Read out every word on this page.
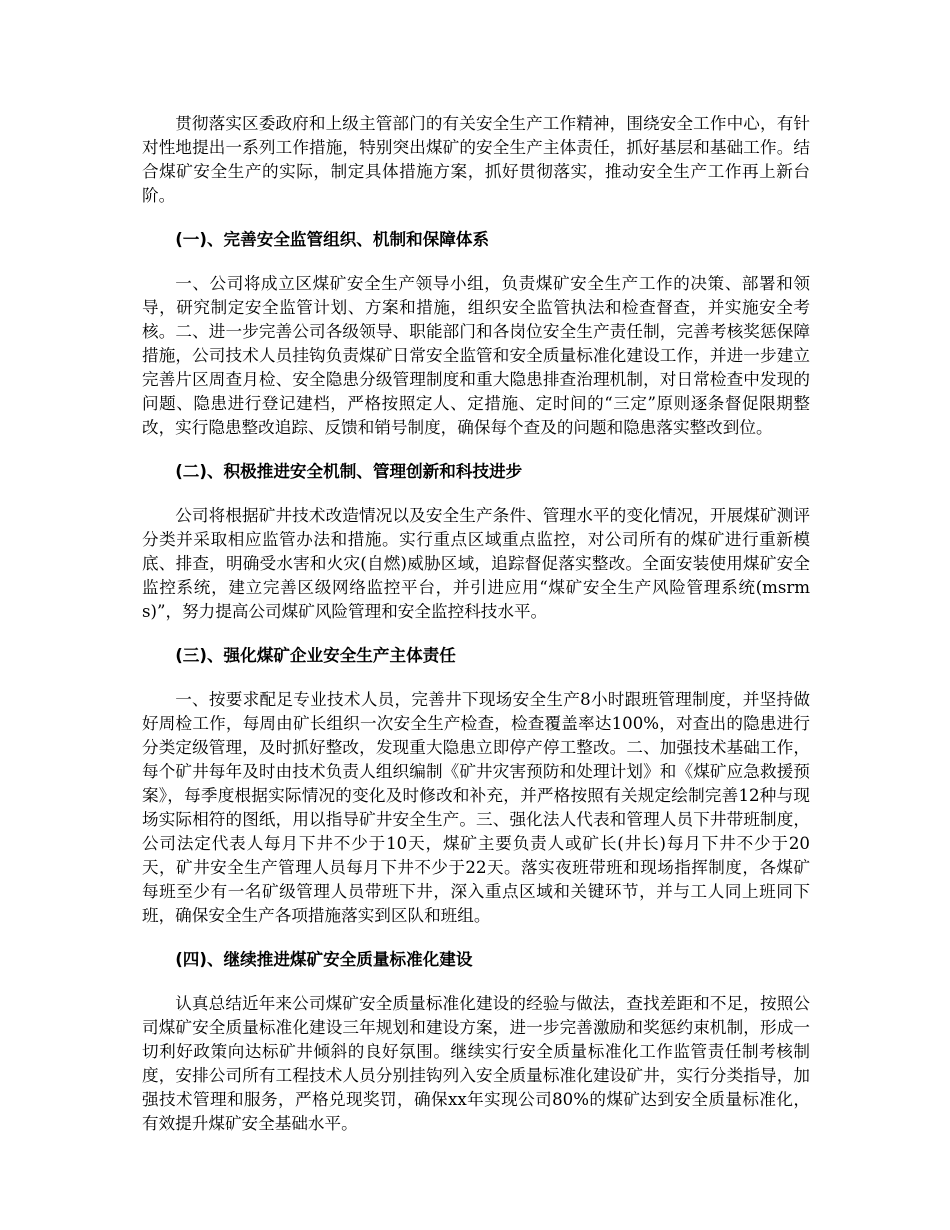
贯彻落实区委政府和上级主管部门的有关安全生产工作精神，围绕安全工作中心，有针对性地提出一系列工作措施，特别突出煤矿的安全生产主体责任，抓好基层和基础工作。结合煤矿安全生产的实际，制定具体措施方案，抓好贯彻落实，推动安全生产工作再上新台阶。

(一)、完善安全监管组织、机制和保障体系

一、公司将成立区煤矿安全生产领导小组，负责煤矿安全生产工作的决策、部署和领导，研究制定安全监管计划、方案和措施，组织安全监管执法和检查督查，并实施安全考核。二、进一步完善公司各级领导、职能部门和各岗位安全生产责任制，完善考核奖惩保障措施，公司技术人员挂钩负责煤矿日常安全监管和安全质量标准化建设工作，并进一步建立完善片区周查月检、安全隐患分级管理制度和重大隐患排查治理机制，对日常检查中发现的问题、隐患进行登记建档，严格按照定人、定措施、定时间的“三定”原则逐条督促限期整改，实行隐患整改追踪、反馈和销号制度，确保每个查及的问题和隐患落实整改到位。

(二)、积极推进安全机制、管理创新和科技进步

公司将根据矿井技术改造情况以及安全生产条件、管理水平的变化情况，开展煤矿测评分类并采取相应监管办法和措施。实行重点区域重点监控，对公司所有的煤矿进行重新模底、排查，明确受水害和火灾(自燃)威胁区域，追踪督促落实整改。全面安装使用煤矿安全监控系统，建立完善区级网络监控平台，并引进应用“煤矿安全生产风险管理系统(msrms)”，努力提高公司煤矿风险管理和安全监控科技水平。

(三)、强化煤矿企业安全生产主体责任

一、按要求配足专业技术人员，完善井下现场安全生产8小时跟班管理制度，并坚持做好周检工作，每周由矿长组织一次安全生产检查，检查覆盖率达100%，对查出的隐患进行分类定级管理，及时抓好整改，发现重大隐患立即停产停工整改。二、加强技术基础工作，每个矿井每年及时由技术负责人组织编制《矿井灾害预防和处理计划》和《煤矿应急救援预案》，每季度根据实际情况的变化及时修改和补充，并严格按照有关规定绘制完善12种与现场实际相符的图纸，用以指导矿井安全生产。三、强化法人代表和管理人员下井带班制度，公司法定代表人每月下井不少于10天，煤矿主要负责人或矿长(井长)每月下井不少于20天，矿井安全生产管理人员每月下井不少于22天。落实夜班带班和现场指挥制度，各煤矿每班至少有一名矿级管理人员带班下井，深入重点区域和关键环节，并与工人同上班同下班，确保安全生产各项措施落实到区队和班组。

(四)、继续推进煤矿安全质量标准化建设

认真总结近年来公司煤矿安全质量标准化建设的经验与做法，查找差距和不足，按照公司煤矿安全质量标准化建设三年规划和建设方案，进一步完善激励和奖惩约束机制，形成一切利好政策向达标矿井倾斜的良好氛围。继续实行安全质量标准化工作监管责任制考核制度，安排公司所有工程技术人员分别挂钩列入安全质量标准化建设矿井，实行分类指导，加强技术管理和服务，严格兑现奖罚，确保xx年实现公司80%的煤矿达到安全质量标准化，有效提升煤矿安全基础水平。
